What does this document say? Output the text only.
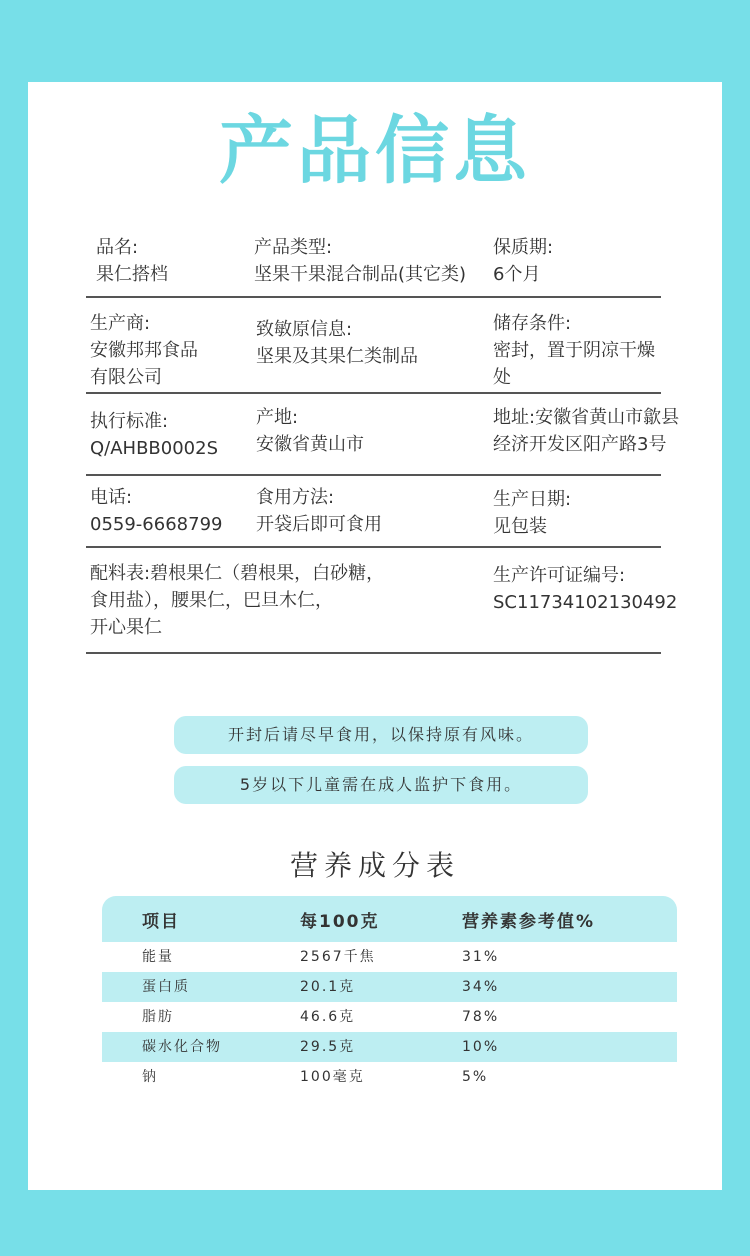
产品信息
品名:
果仁搭档
产品类型:
坚果干果混合制品(其它类)
保质期:
6个月
生产商:
安徽邦邦食品
有限公司
致敏原信息:
坚果及其果仁类制品
储存条件:
密封，置于阴凉干燥
处
执行标准:
Q/AHBB0002S
产地:
安徽省黄山市
地址:安徽省黄山市歙县
经济开发区阳产路3号
电话:
0559-6668799
食用方法:
开袋后即可食用
生产日期:
见包装
配料表:碧根果仁（碧根果，白砂糖，
食用盐），腰果仁，巴旦木仁，
开心果仁
生产许可证编号:
SC11734102130492
开封后请尽早食用，以保持原有风味。
5岁以下儿童需在成人监护下食用。
营养成分表
项目	每100克	营养素参考值%
能量	2567千焦	31%
蛋白质	20.1克	34%
脂肪	46.6克	78%
碳水化合物	29.5克	10%
钠	100毫克	5%
